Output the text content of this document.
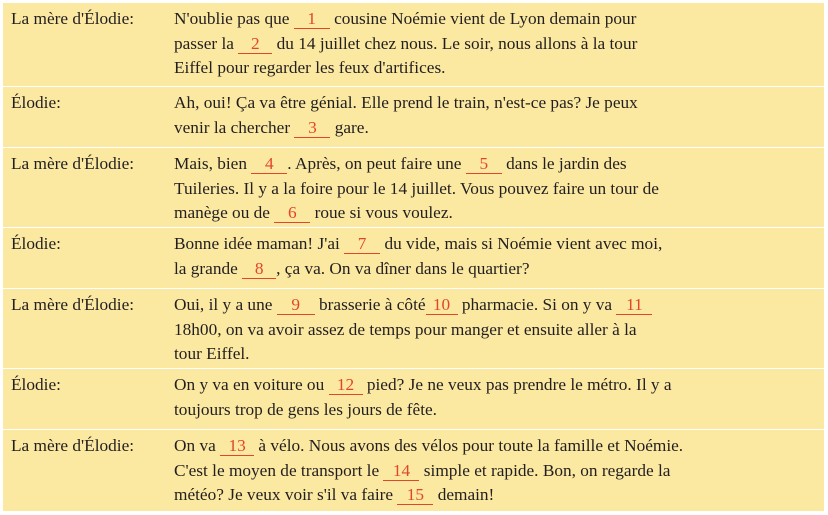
La mère d'Élodie: N'oublie pas que 1 cousine Noémie vient de Lyon demain pour
passer la 2 du 14 juillet chez nous. Le soir, nous allons à la tour
Eiffel pour regarder les feux d'artifices.
Élodie:	Ah, oui! Ça va être génial. Elle prend le train, n'est-ce pas? Je peux
venir la chercher 3 gare.
La mère d'Élodie: Mais, bien 4 . Après, on peut faire une 5 dans le jardin des
Tuileries. Il y a la foire pour le 14 juillet. Vous pouvez faire un tour de
manège ou de 6 roue si vous voulez.
Élodie:	Bonne idée maman! J'ai 7 du vide, mais si Noémie vient avec moi,
la grande 8 , ça va. On va dîner dans le quartier?
La mère d'Élodie: Oui, il y a une 9 brasserie à côté 10 pharmacie. Si on y va 11
18h00, on va avoir assez de temps pour manger et ensuite aller à la
tour Eiffel.
Élodie:	On y va en voiture ou 12 pied? Je ne veux pas prendre le métro. Il y a
toujours trop de gens les jours de fête.
La mère d'Élodie: On va 13 à vélo. Nous avons des vélos pour toute la famille et Noémie.
C'est le moyen de transport le 14 simple et rapide. Bon, on regarde la
météo? Je veux voir s'il va faire 15 demain!
